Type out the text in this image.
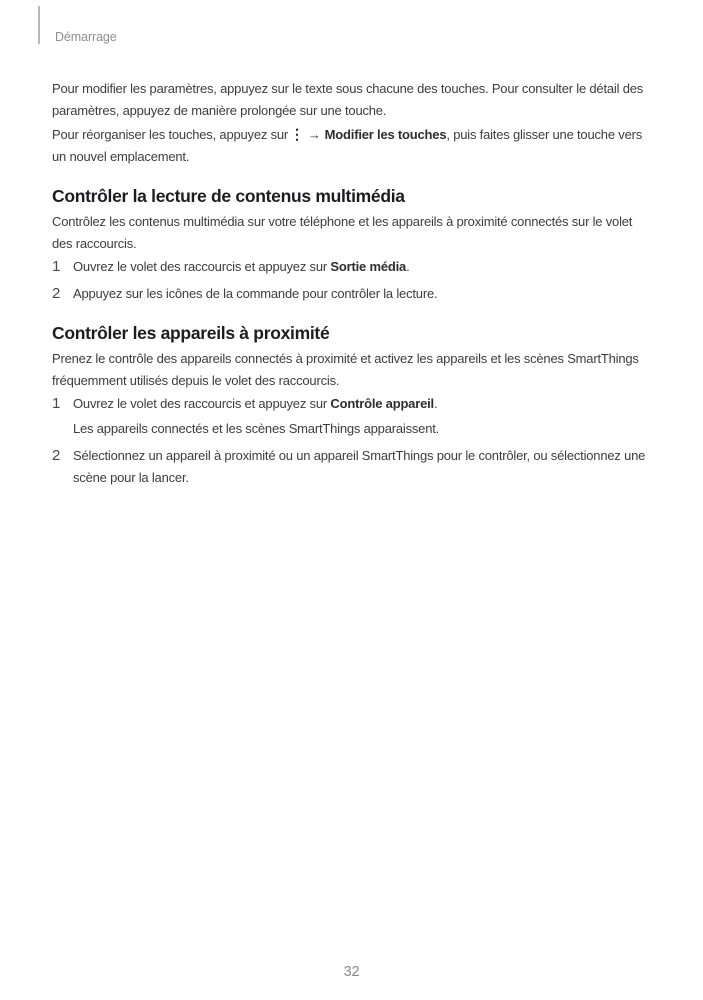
Démarrage

Pour modifier les paramètres, appuyez sur le texte sous chacune des touches. Pour consulter le détail des paramètres, appuyez de manière prolongée sur une touche.

Pour réorganiser les touches, appuyez sur ⋮ → Modifier les touches, puis faites glisser une touche vers un nouvel emplacement.

Contrôler la lecture de contenus multimédia

Contrôlez les contenus multimédia sur votre téléphone et les appareils à proximité connectés sur le volet des raccourcis.

1 Ouvrez le volet des raccourcis et appuyez sur Sortie média.
2 Appuyez sur les icônes de la commande pour contrôler la lecture.
Contrôler les appareils à proximité

Prenez le contrôle des appareils connectés à proximité et activez les appareils et les scènes SmartThings fréquemment utilisés depuis le volet des raccourcis.

1 Ouvrez le volet des raccourcis et appuyez sur Contrôle appareil.
Les appareils connectés et les scènes SmartThings apparaissent.
2 Sélectionnez un appareil à proximité ou un appareil SmartThings pour le contrôler, ou sélectionnez une scène pour la lancer.
32
